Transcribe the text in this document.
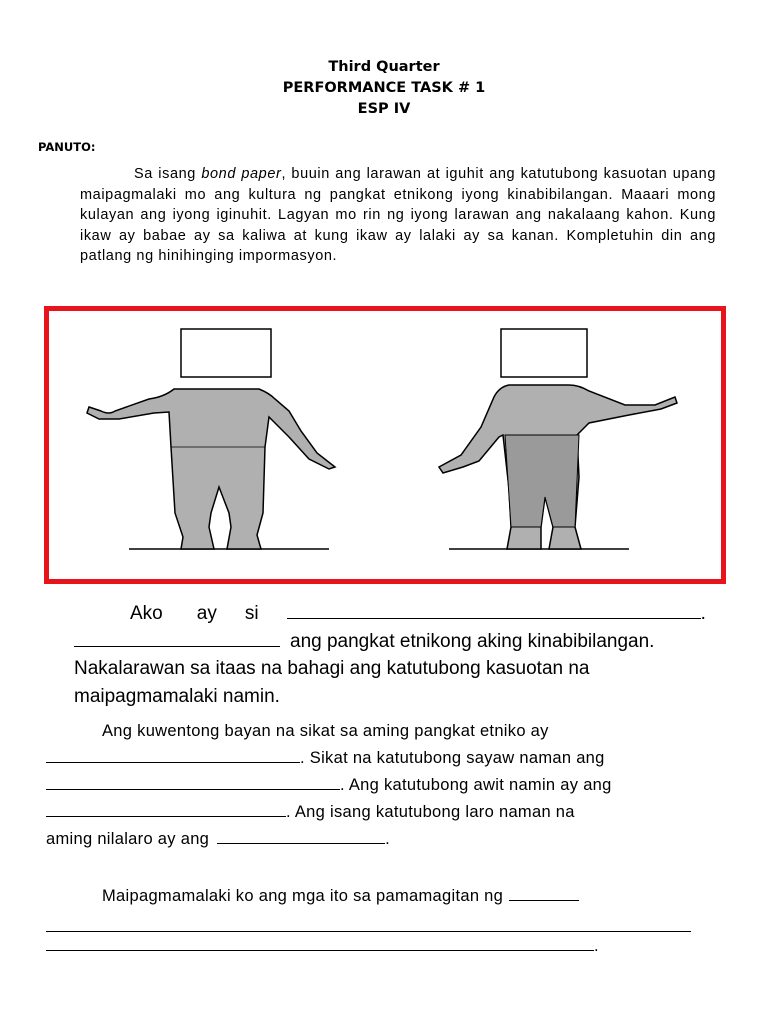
Third Quarter
PERFORMANCE TASK # 1
ESP IV
PANUTO:
Sa isang bond paper, buuin ang larawan at iguhit ang katutubong kasuotan upang maipagmalaki mo ang kultura ng pangkat etnikong iyong kinabibilangan. Maaari mong kulayan ang iyong iginuhit. Lagyan mo rin ng iyong larawan ang nakalaang kahon. Kung ikaw ay babae ay sa kaliwa at kung ikaw ay lalaki ay sa kanan. Kompletuhin din ang patlang ng hinihinging impormasyon.
Ako ay si	.
ang pangkat etnikong aking kinabibilangan.
Nakalarawan sa itaas na bahagi ang katutubong kasuotan na
maipagmamalaki namin.
Ang kuwentong bayan na sikat sa aming pangkat etniko ay
. Sikat na katutubong sayaw naman ang
. Ang katutubong awit namin ay ang
. Ang isang katutubong laro naman na
aming nilalaro ay ang	.
Maipagmamalaki ko ang mga ito sa pamamagitan ng
.
